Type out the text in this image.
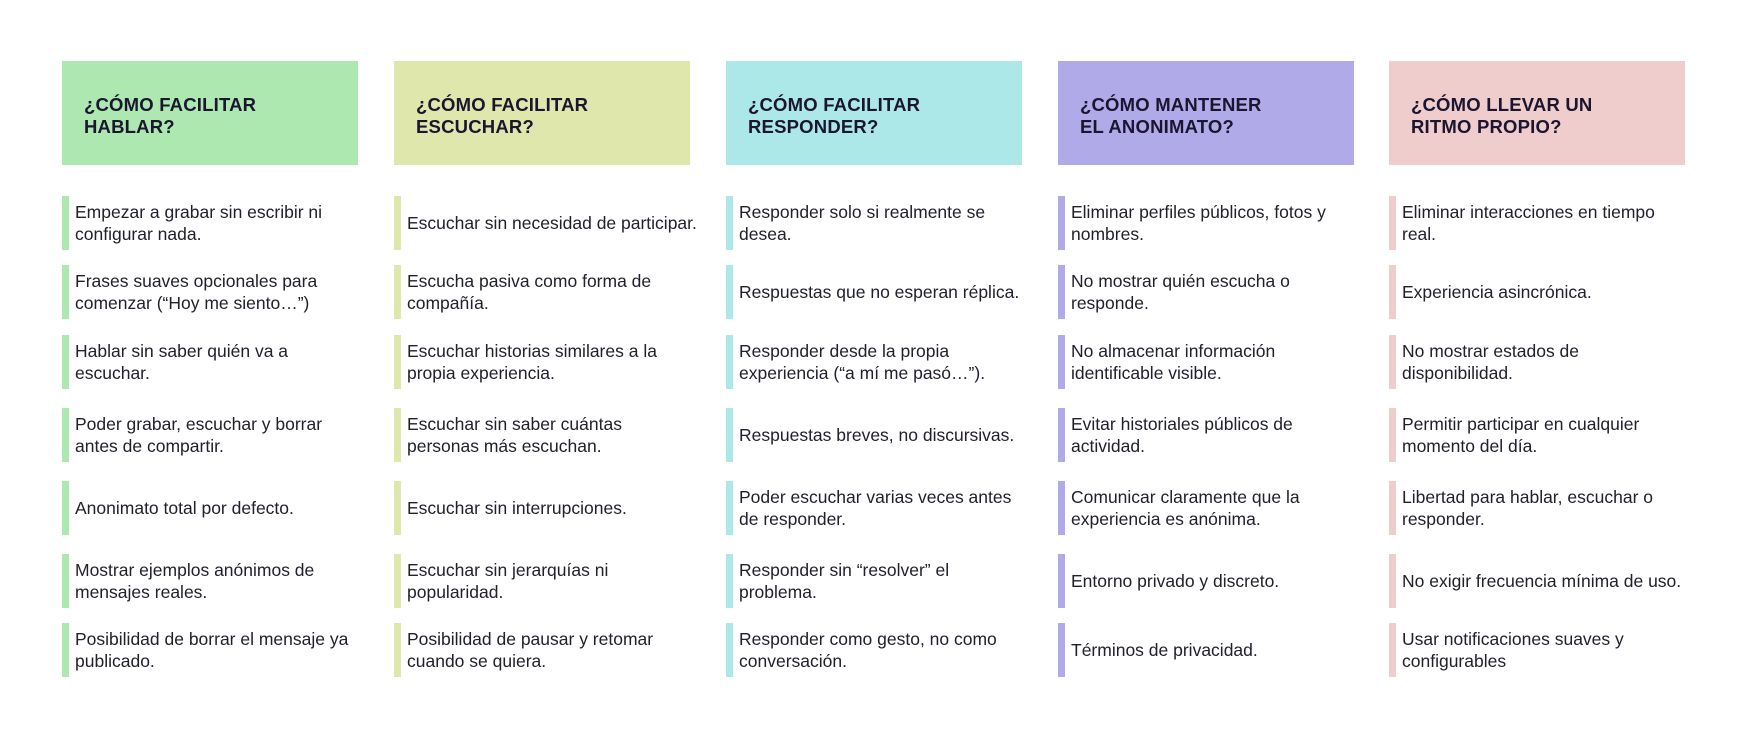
¿CÓMO FACILITAR
HABLAR?
Empezar a grabar sin escribir ni configurar nada.
Frases suaves opcionales para comenzar (“Hoy me siento…”)
Hablar sin saber quién va a escuchar.
Poder grabar, escuchar y borrar antes de compartir.
Anonimato total por defecto.
Mostrar ejemplos anónimos de mensajes reales.
Posibilidad de borrar el mensaje ya publicado.
¿CÓMO FACILITAR
ESCUCHAR?
Escuchar sin necesidad de participar.
Escucha pasiva como forma de compañía.
Escuchar historias similares a la propia experiencia.
Escuchar sin saber cuántas personas más escuchan.
Escuchar sin interrupciones.
Escuchar sin jerarquías ni popularidad.
Posibilidad de pausar y retomar cuando se quiera.
¿CÓMO FACILITAR
RESPONDER?
Responder solo si realmente se desea.
Respuestas que no esperan réplica.
Responder desde la propia experiencia (“a mí me pasó…”).
Respuestas breves, no discursivas.
Poder escuchar varias veces antes de responder.
Responder sin “resolver” el problema.
Responder como gesto, no como conversación.
¿CÓMO MANTENER
EL ANONIMATO?
Eliminar perfiles públicos, fotos y nombres.
No mostrar quién escucha o responde.
No almacenar información identificable visible.
Evitar historiales públicos de actividad.
Comunicar claramente que la experiencia es anónima.
Entorno privado y discreto.
Términos de privacidad.
¿CÓMO LLEVAR UN
RITMO PROPIO?
Eliminar interacciones en tiempo real.
Experiencia asincrónica.
No mostrar estados de disponibilidad.
Permitir participar en cualquier momento del día.
Libertad para hablar, escuchar o responder.
No exigir frecuencia mínima de uso.
Usar notificaciones suaves y configurables
